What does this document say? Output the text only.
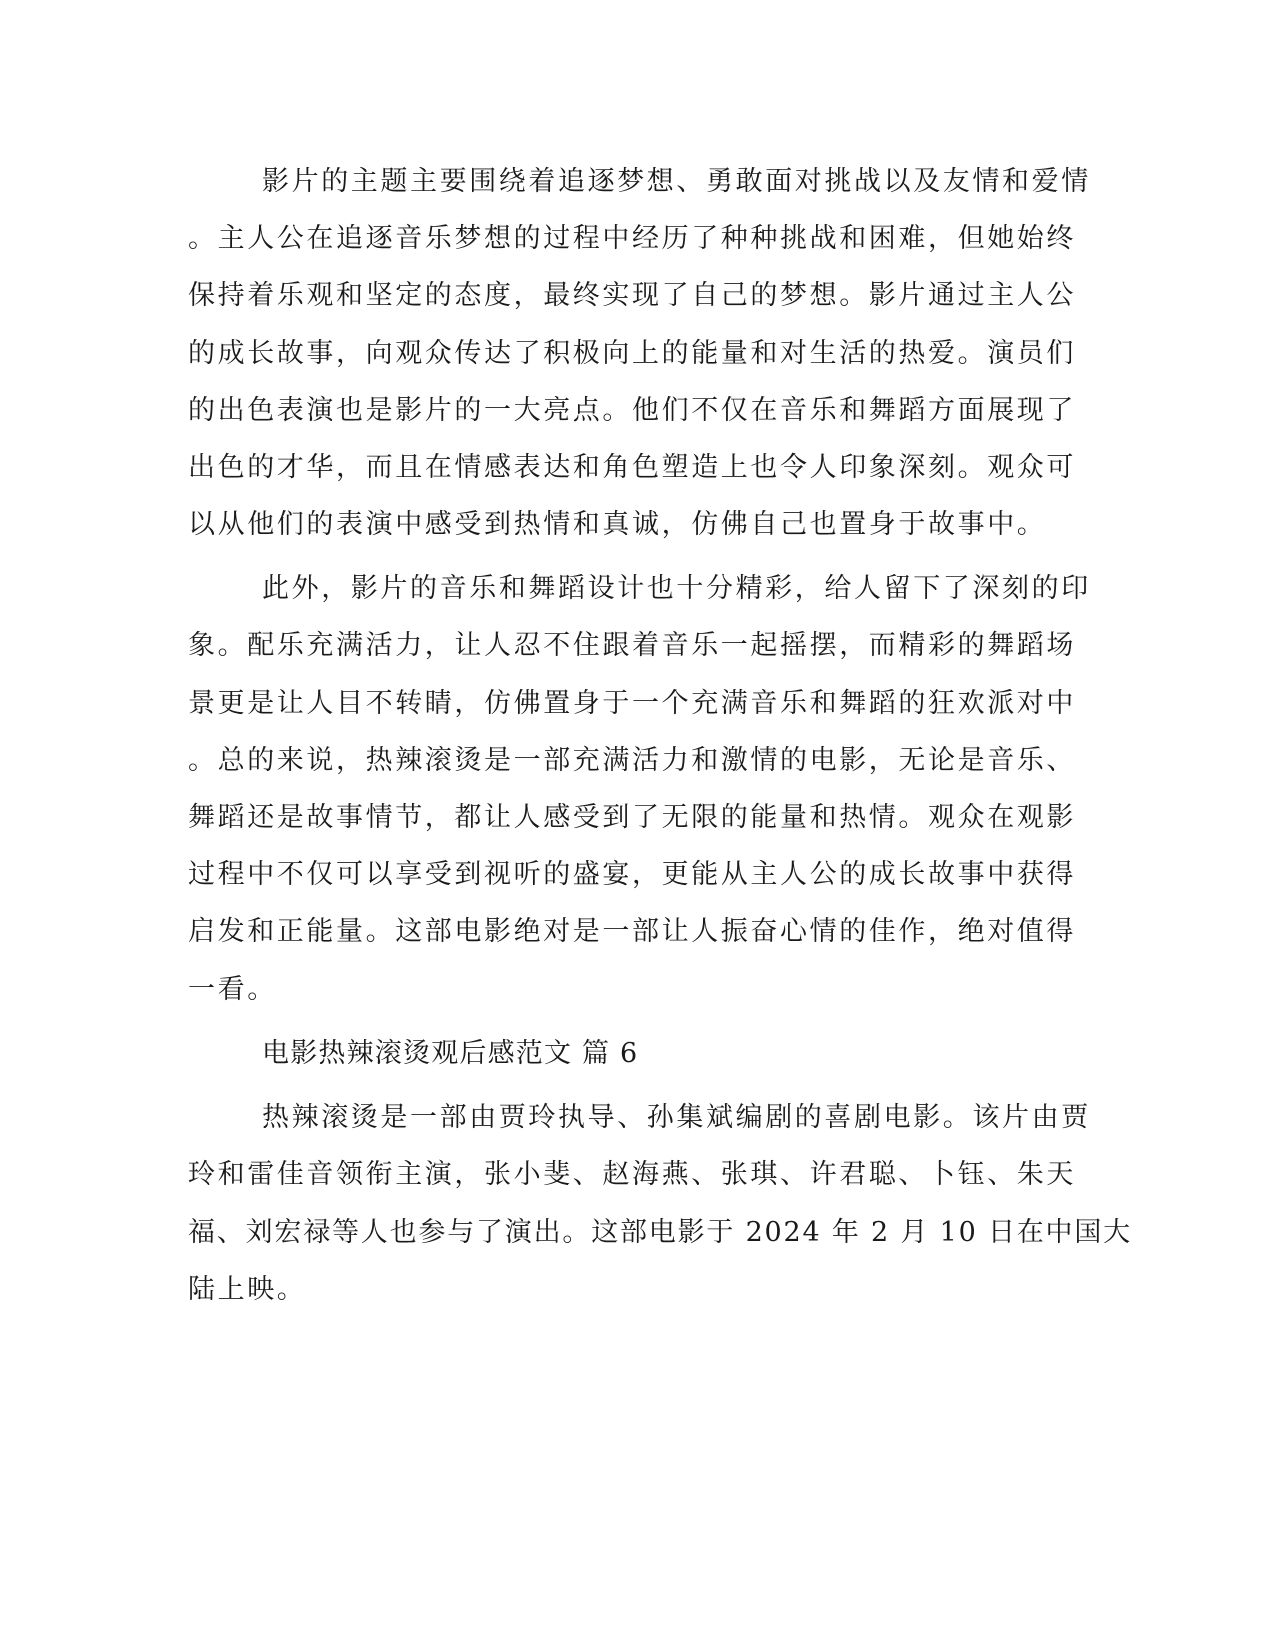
影片的主题主要围绕着追逐梦想、勇敢面对挑战以及友情和爱情
。主人公在追逐音乐梦想的过程中经历了种种挑战和困难，但她始终
保持着乐观和坚定的态度，最终实现了自己的梦想。影片通过主人公
的成长故事，向观众传达了积极向上的能量和对生活的热爱。演员们
的出色表演也是影片的一大亮点。他们不仅在音乐和舞蹈方面展现了
出色的才华，而且在情感表达和角色塑造上也令人印象深刻。观众可
以从他们的表演中感受到热情和真诚，仿佛自己也置身于故事中。
此外，影片的音乐和舞蹈设计也十分精彩，给人留下了深刻的印
象。配乐充满活力，让人忍不住跟着音乐一起摇摆，而精彩的舞蹈场
景更是让人目不转睛，仿佛置身于一个充满音乐和舞蹈的狂欢派对中
。总的来说，热辣滚烫是一部充满活力和激情的电影，无论是音乐、
舞蹈还是故事情节，都让人感受到了无限的能量和热情。观众在观影
过程中不仅可以享受到视听的盛宴，更能从主人公的成长故事中获得
启发和正能量。这部电影绝对是一部让人振奋心情的佳作，绝对值得
一看。
电影热辣滚烫观后感范文 篇 6
热辣滚烫是一部由贾玲执导、孙集斌编剧的喜剧电影。该片由贾
玲和雷佳音领衔主演，张小斐、赵海燕、张琪、许君聪、卜钰、朱天
福、刘宏禄等人也参与了演出。这部电影于 2024 年 2 月 10 日在中国大
陆上映。
